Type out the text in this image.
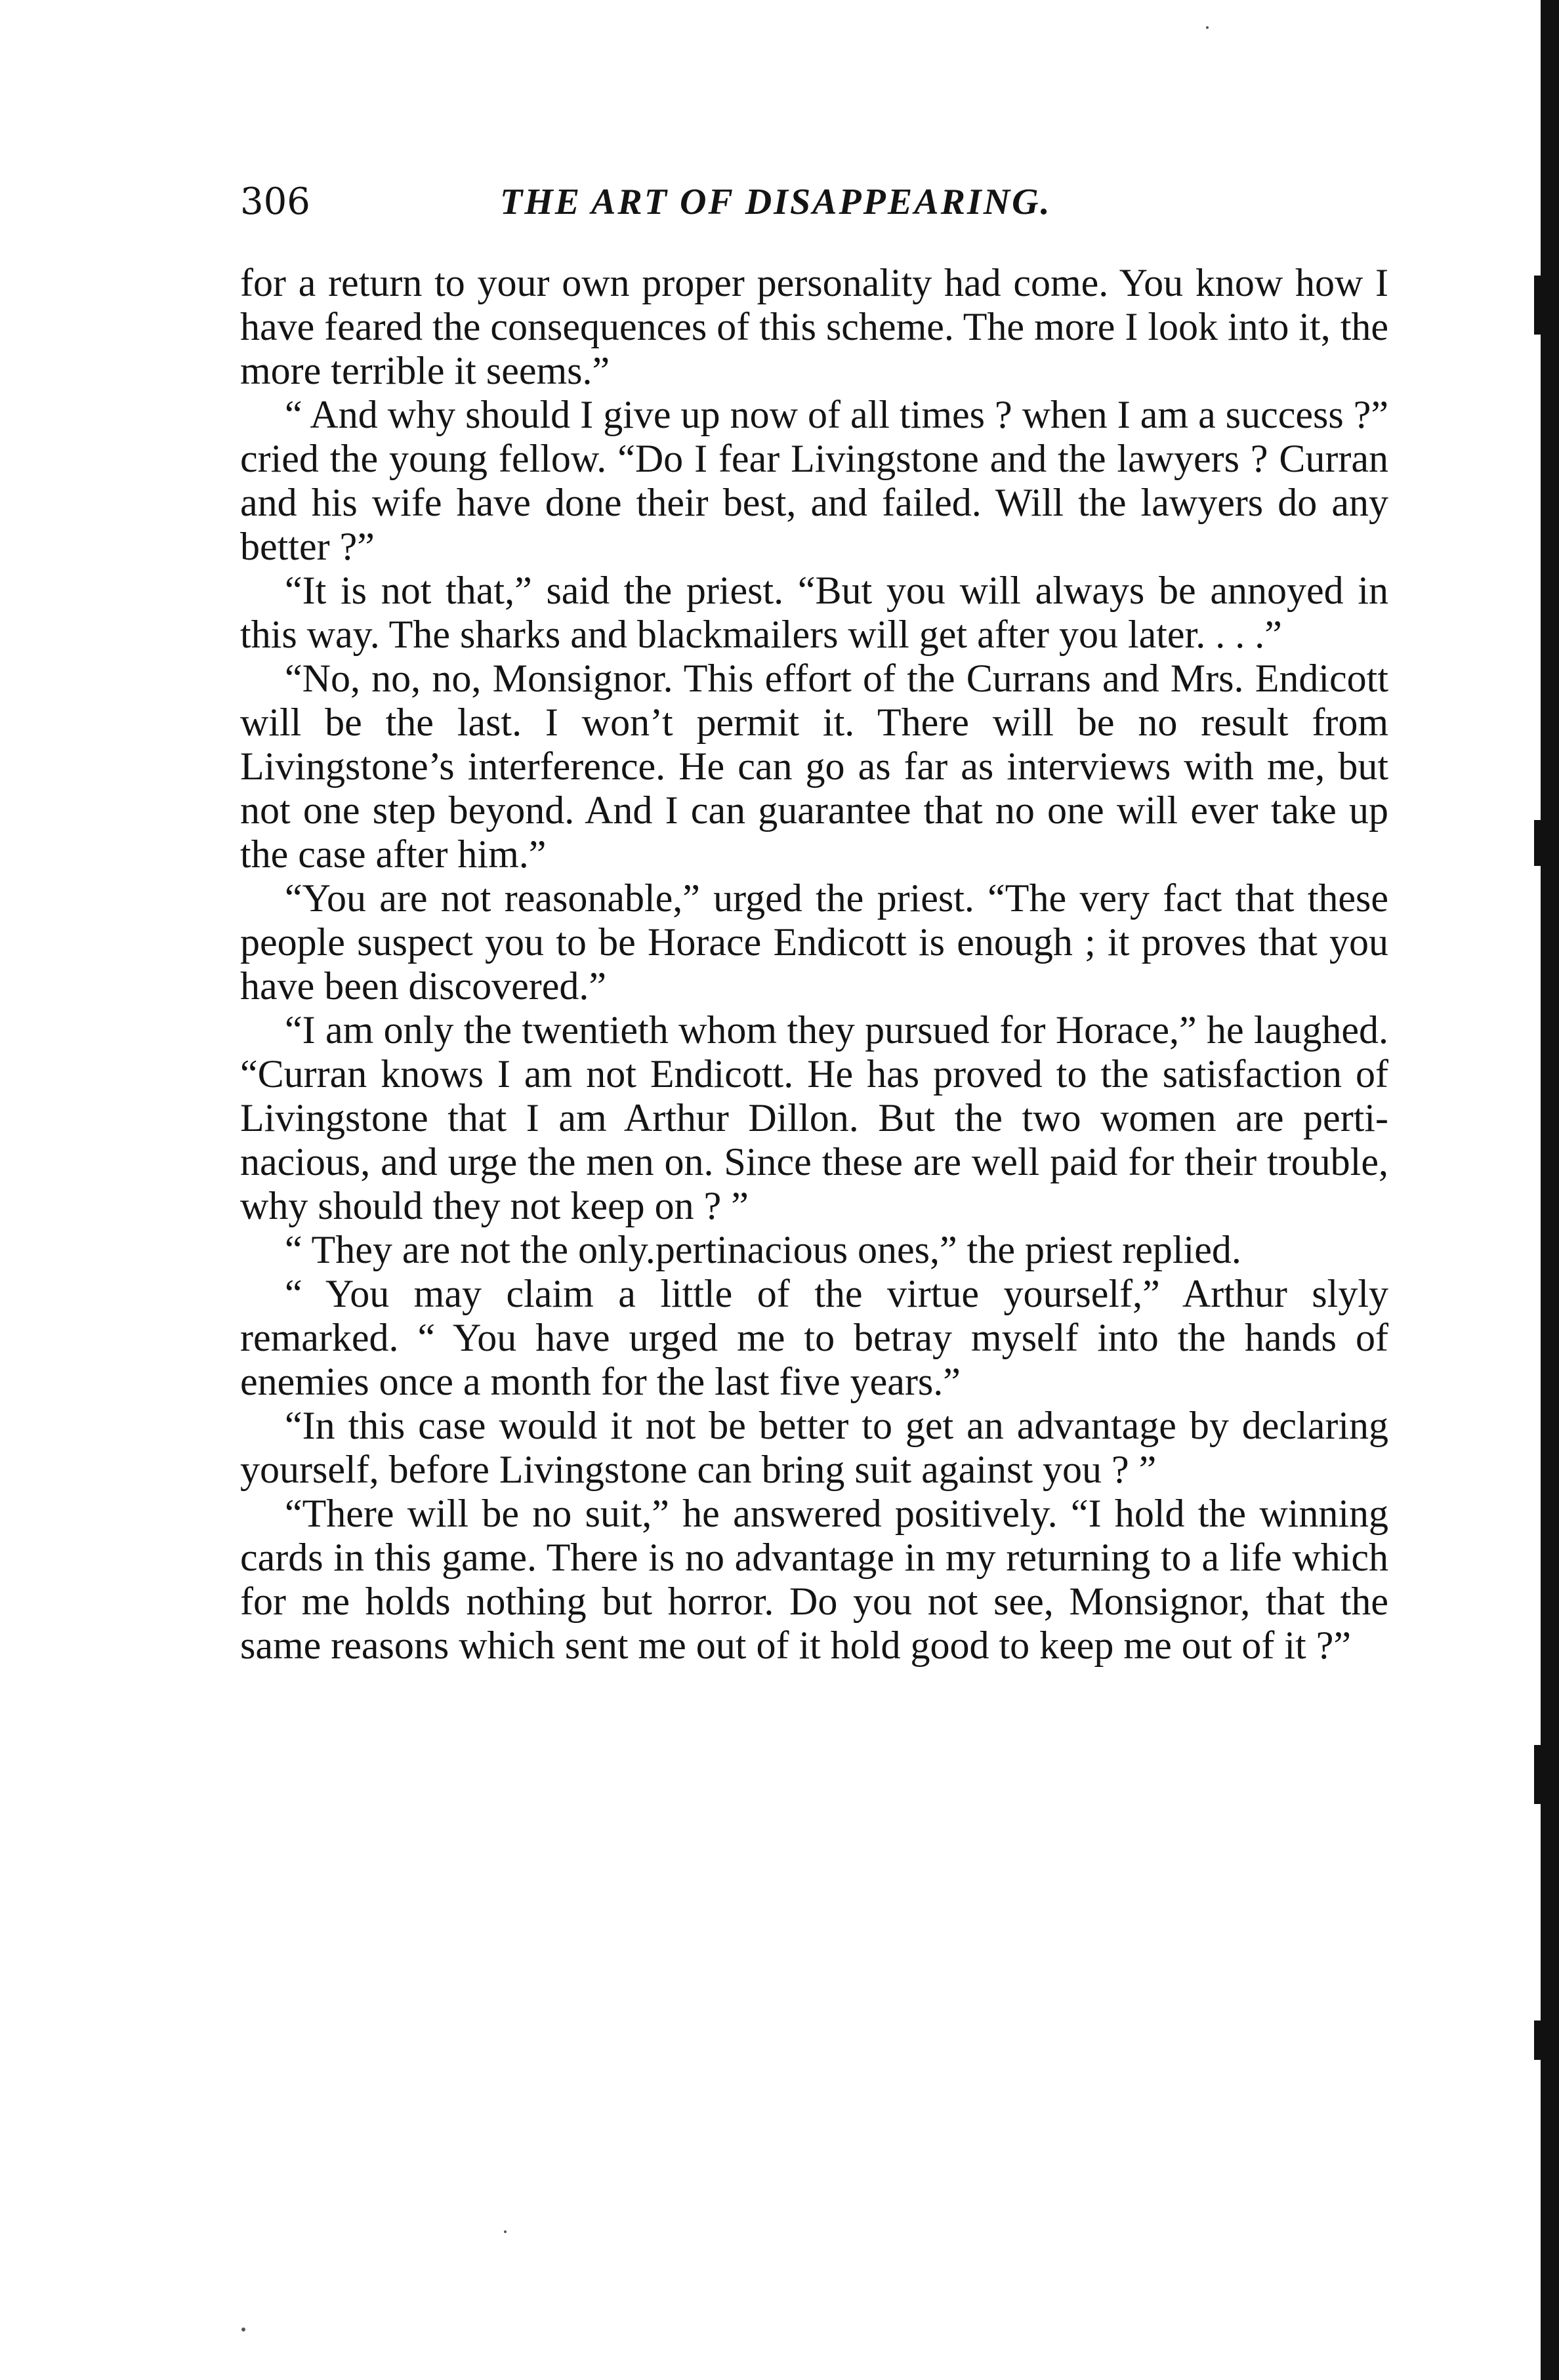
306	THE ART OF DISAPPEARING.

for a return to your own proper personality had come. You know how I have feared the consequences of this scheme. The more I look into it, the more terrible it seems.”

“ And why should I give up now of all times ? when I am a success ?” cried the young fellow. “Do I fear Livingstone and the lawyers ? Curran and his wife have done their best, and failed. Will the lawyers do any better ?”

“It is not that,” said the priest. “But you will always be annoyed in this way. The sharks and blackmailers will get after you later. . . .”

“No, no, no, Monsignor. This effort of the Currans and Mrs. Endicott will be the last. I won’t permit it. There will be no result from Livingstone’s interference. He can go as far as interviews with me, but not one step beyond. And I can guarantee that no one will ever take up the case after him.”

“You are not reasonable,” urged the priest. “The very fact that these people suspect you to be Horace Endicott is enough ; it proves that you have been discovered.”

“I am only the twentieth whom they pursued for Horace,” he laughed. “Curran knows I am not Endicott. He has proved to the satisfaction of Livingstone that I am Arthur Dillon. But the two women are pertinacious, and urge the men on. Since these are well paid for their trouble, why should they not keep on ? ”

“ They are not the only.pertinacious ones,” the priest replied.

“ You may claim a little of the virtue yourself,” Arthur slyly remarked. “ You have urged me to betray myself into the hands of enemies once a month for the last five years.”

“In this case would it not be better to get an advantage by declaring yourself, before Livingstone can bring suit against you ? ”

“There will be no suit,” he answered positively. “I hold the winning cards in this game. There is no advantage in my returning to a life which for me holds nothing but horror. Do you not see, Monsignor, that the same reasons which sent me out of it hold good to keep me out of it ?”
